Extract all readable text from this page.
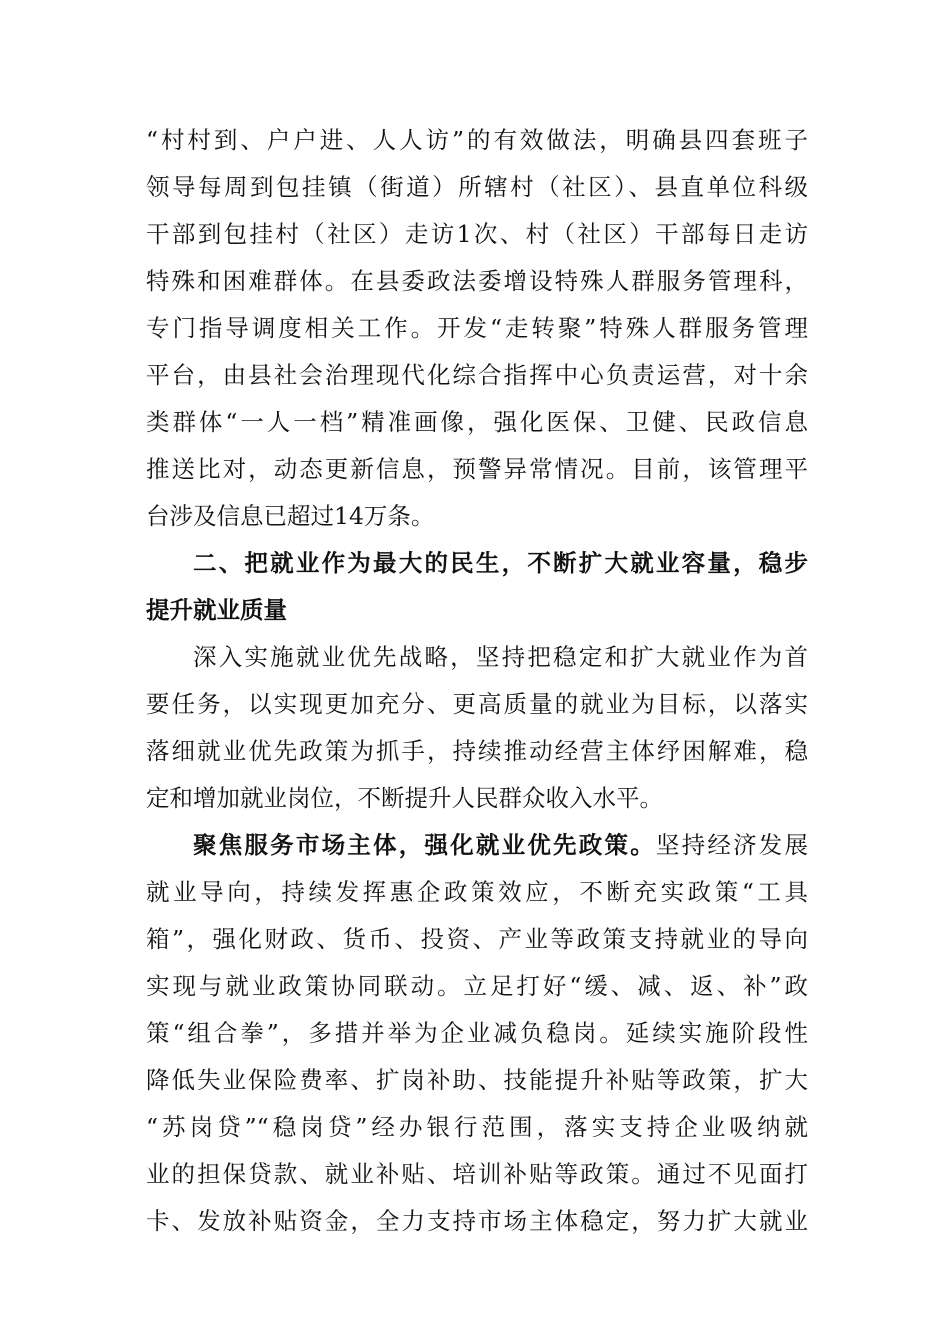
“村村到、户户进、人人访”的有效做法，明确县四套班子
领导每周到包挂镇（街道）所辖村（社区）、县直单位科级
干部到包挂村（社区）走访1次、村（社区）干部每日走访
特殊和困难群体。在县委政法委增设特殊人群服务管理科，
专门指导调度相关工作。开发“走转聚”特殊人群服务管理
平台，由县社会治理现代化综合指挥中心负责运营，对十余
类群体“一人一档”精准画像，强化医保、卫健、民政信息
推送比对，动态更新信息，预警异常情况。目前，该管理平
台涉及信息已超过14万条。
二、把就业作为最大的民生，不断扩大就业容量，稳步
提升就业质量
深入实施就业优先战略，坚持把稳定和扩大就业作为首
要任务，以实现更加充分、更高质量的就业为目标，以落实
落细就业优先政策为抓手，持续推动经营主体纾困解难，稳
定和增加就业岗位，不断提升人民群众收入水平。
聚焦服务市场主体，强化就业优先政策。坚持经济发展
就业导向，持续发挥惠企政策效应，不断充实政策“工具
箱”，强化财政、货币、投资、产业等政策支持就业的导向
实现与就业政策协同联动。立足打好“缓、减、返、补”政
策“组合拳”，多措并举为企业减负稳岗。延续实施阶段性
降低失业保险费率、扩岗补助、技能提升补贴等政策，扩大
“苏岗贷”“稳岗贷”经办银行范围，落实支持企业吸纳就
业的担保贷款、就业补贴、培训补贴等政策。通过不见面打
卡、发放补贴资金，全力支持市场主体稳定，努力扩大就业
